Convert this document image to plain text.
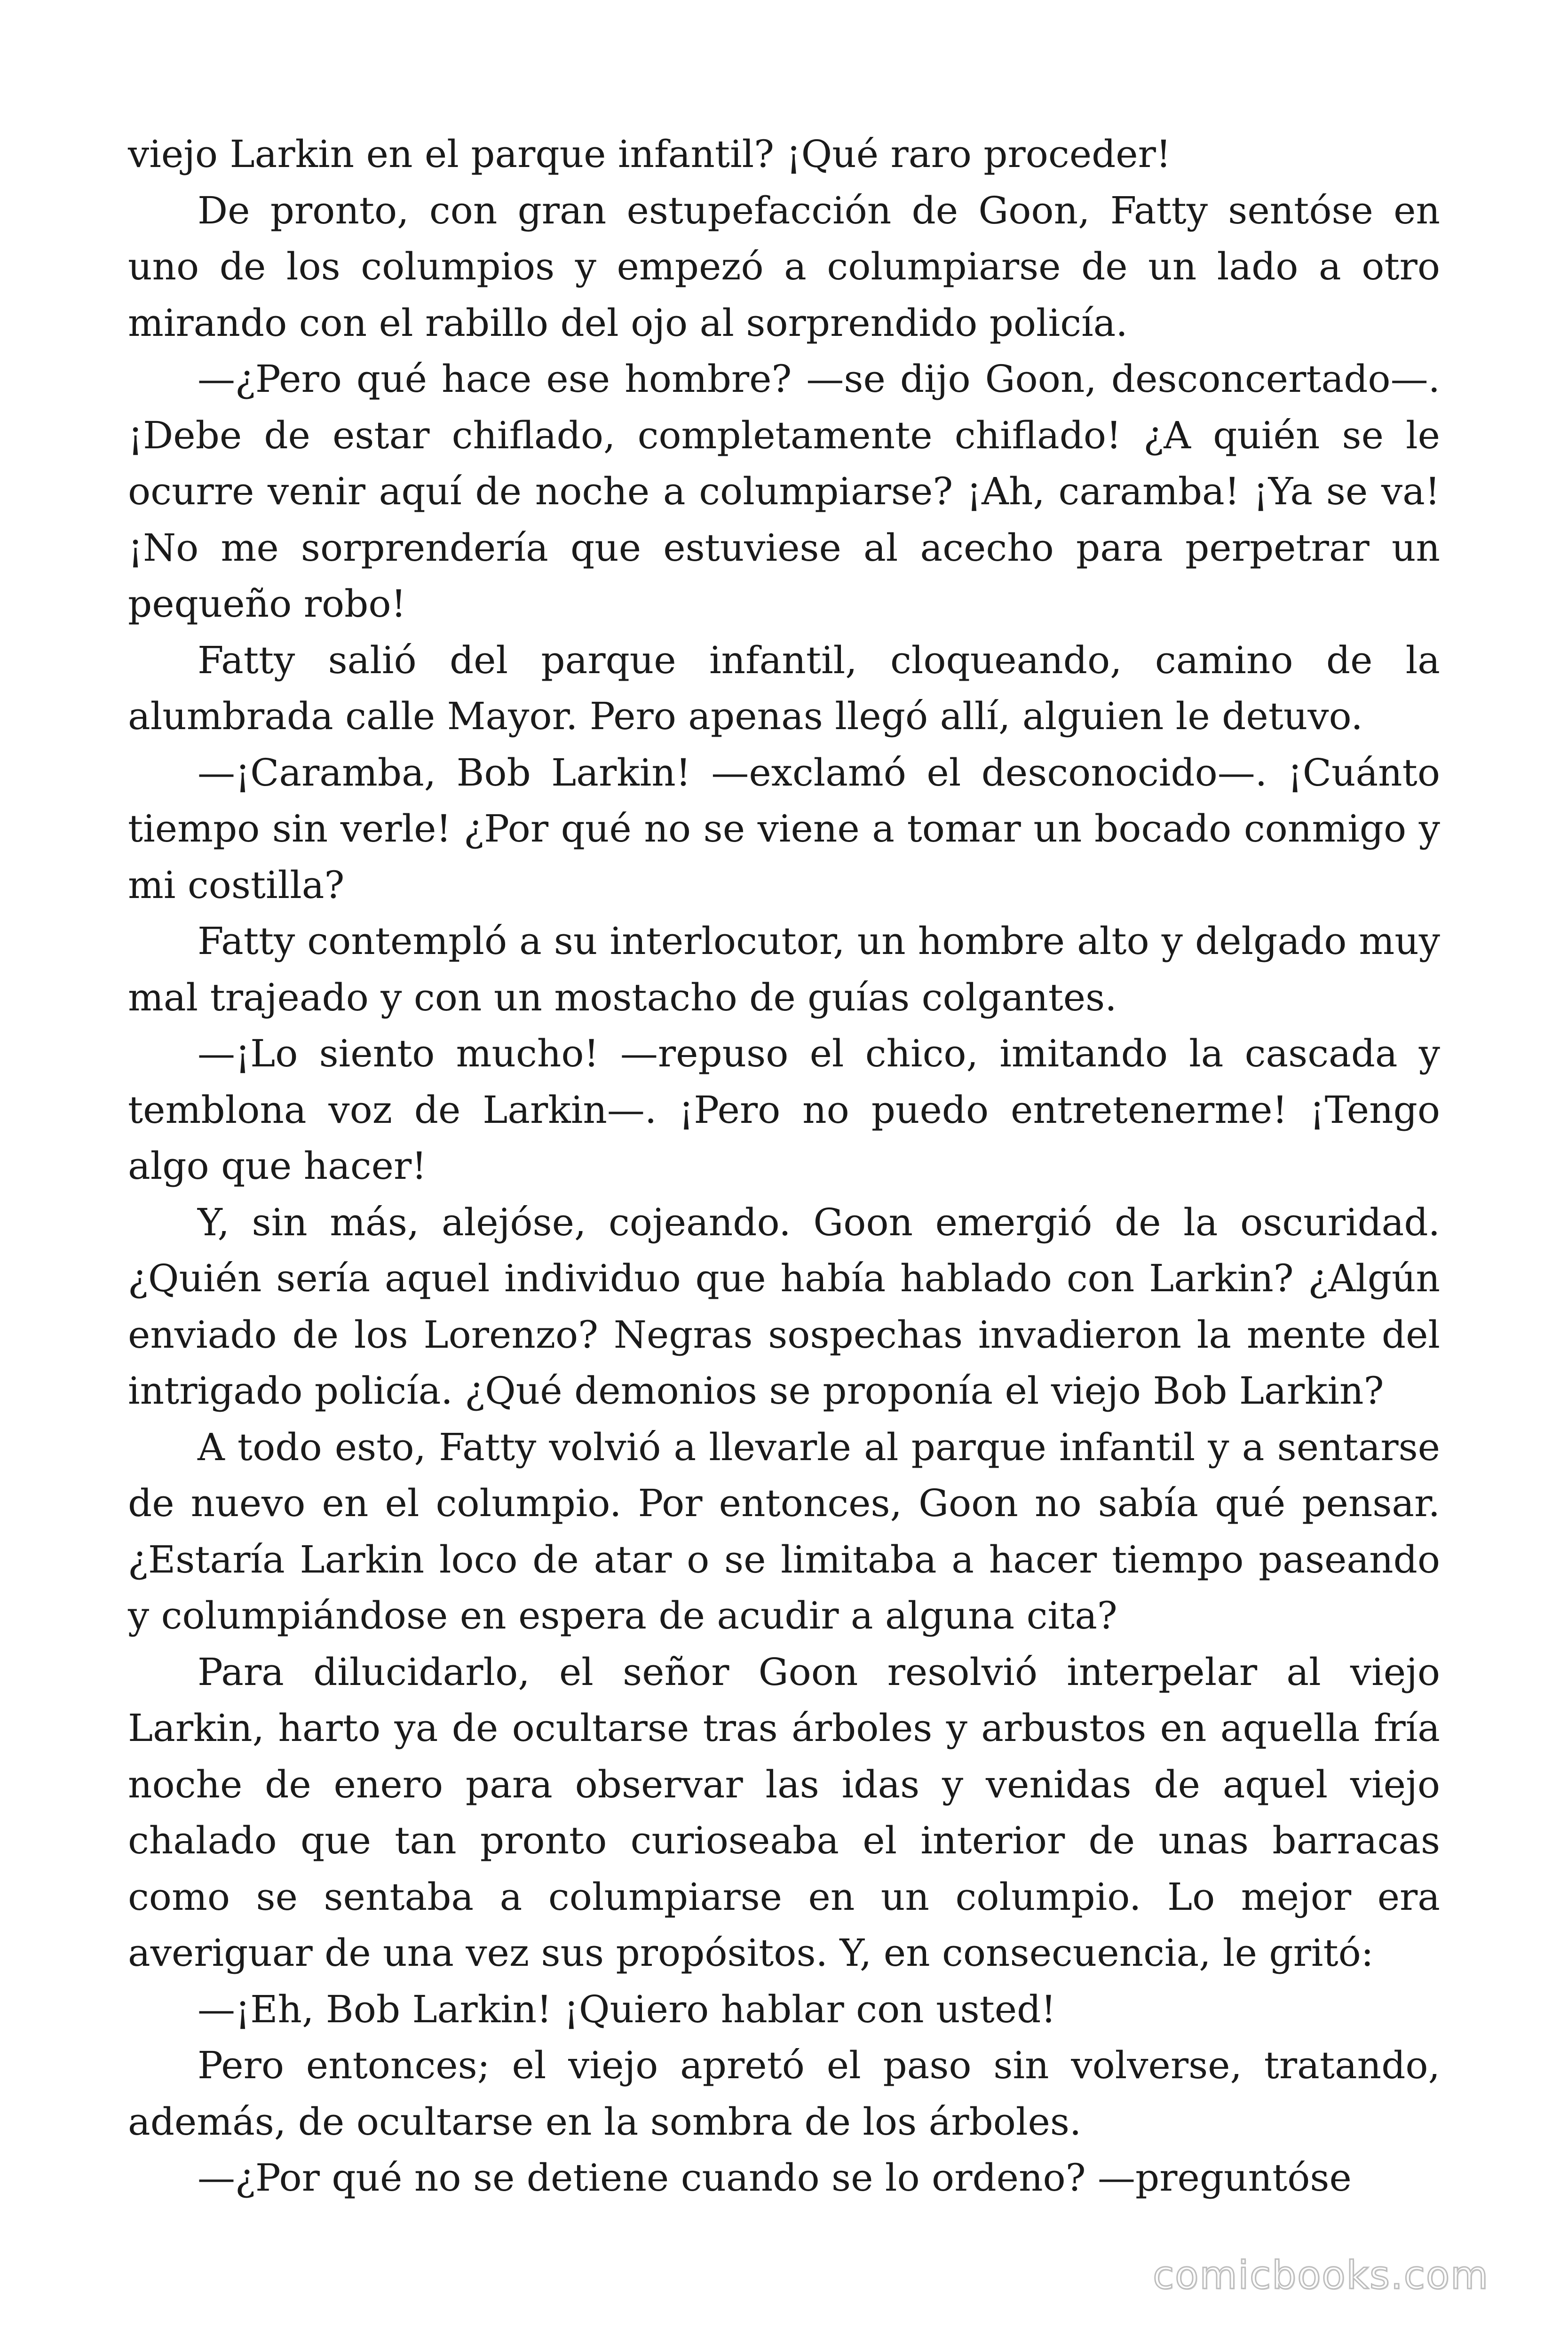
viejo Larkin en el parque infantil? ¡Qué raro proceder!

De pronto, con gran estupefacción de Goon, Fatty sentóse en uno de los columpios y empezó a columpiarse de un lado a otro mirando con el rabillo del ojo al sorprendido policía.

—¿Pero qué hace ese hombre? —se dijo Goon, desconcertado—. ¡Debe de estar chiflado, completamente chiflado! ¿A quién se le ocurre venir aquí de noche a columpiarse? ¡Ah, caramba! ¡Ya se va! ¡No me sorprendería que estuviese al acecho para perpetrar un pequeño robo!

Fatty salió del parque infantil, cloqueando, camino de la alumbrada calle Mayor. Pero apenas llegó allí, alguien le detuvo.

—¡Caramba, Bob Larkin! —exclamó el desconocido—. ¡Cuánto tiempo sin verle! ¿Por qué no se viene a tomar un bocado conmigo y mi costilla?

Fatty contempló a su interlocutor, un hombre alto y delgado muy mal trajeado y con un mostacho de guías colgantes.

—¡Lo siento mucho! —repuso el chico, imitando la cascada y temblona voz de Larkin—. ¡Pero no puedo entretenerme! ¡Tengo algo que hacer!

Y, sin más, alejóse, cojeando. Goon emergió de la oscuridad. ¿Quién sería aquel individuo que había hablado con Larkin? ¿Algún enviado de los Lorenzo? Negras sospechas invadieron la mente del intrigado policía. ¿Qué demonios se proponía el viejo Bob Larkin?

A todo esto, Fatty volvió a llevarle al parque infantil y a sentarse de nuevo en el columpio. Por entonces, Goon no sabía qué pensar. ¿Estaría Larkin loco de atar o se limitaba a hacer tiempo paseando y columpiándose en espera de acudir a alguna cita?

Para dilucidarlo, el señor Goon resolvió interpelar al viejo Larkin, harto ya de ocultarse tras árboles y arbustos en aquella fría noche de enero para observar las idas y venidas de aquel viejo chalado que tan pronto curioseaba el interior de unas barracas como se sentaba a columpiarse en un columpio. Lo mejor era averiguar de una vez sus propósitos. Y, en consecuencia, le gritó:

—¡Eh, Bob Larkin! ¡Quiero hablar con usted!

Pero entonces; el viejo apretó el paso sin volverse, tratando, además, de ocultarse en la sombra de los árboles.

—¿Por qué no se detiene cuando se lo ordeno? —preguntóse

comicbooks.com
